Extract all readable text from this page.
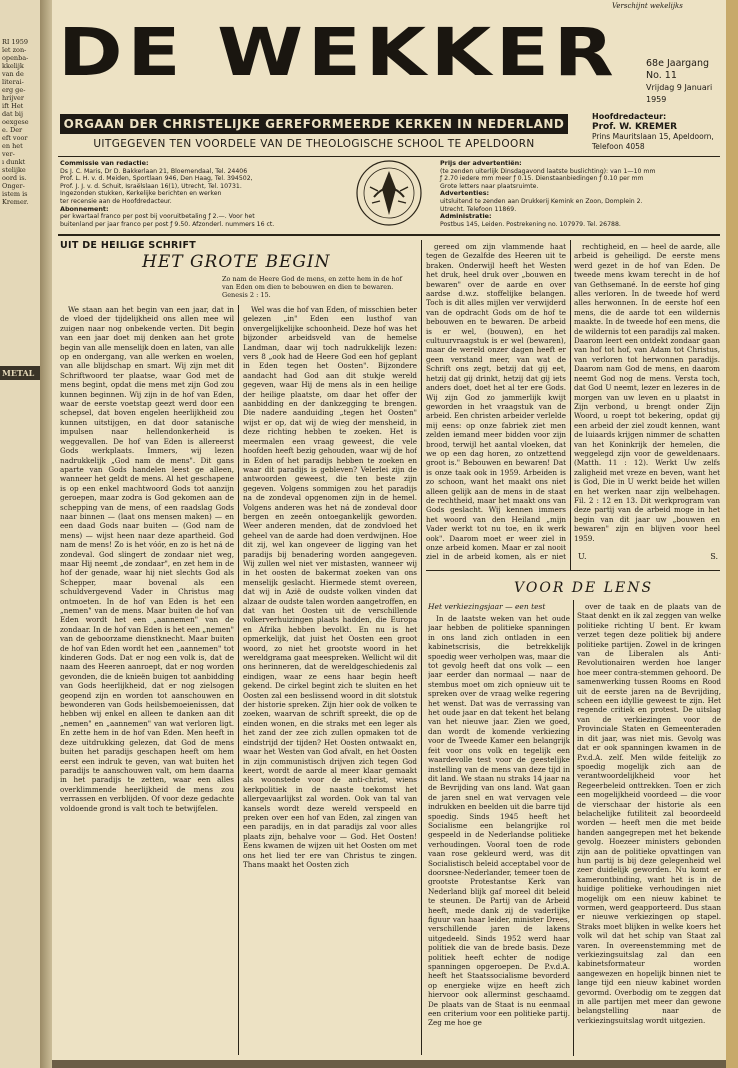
RI 1959
ïet zon-
openba-
kkelijk
van de
literai-
erg ge-
hrijver
ift Het
dat bij
oexgese
e. Der
eft voor
en het
ver-
ı dunkt
stelijke
oord is.
Onger-
istem is
Kremer.
METAL
Verschijnt wekelijks
DE WEKKER	68e Jaargang No. 11
Vrijdag 9 Januari 1959
ORGAAN DER CHRISTELIJKE GEREFORMEERDE KERKEN IN NEDERLAND
UITGEGEVEN TEN VOORDELE VAN DE THEOLOGISCHE SCHOOL TE APELDOORN
Hoofdredacteur:
Prof. W. KREMER
Prins Mauritslaan 15, Apeldoorn,
Telefoon 4058
Commissie van redactie:
Ds J. C. Maris, Dr D. Bakkerlaan 21, Bloemendaal, Tel. 24406
Prof. L. H. v. d. Meiden, Sportlaan 946, Den Haag, Tel. 394502,
Prof. J. J. v. d. Schuit, Israëlslaan 16(1), Utrecht, Tel. 10731.
Ingezonden stukken, Kerkelijke berichten en werken
ter recensie aan de Hoofdredacteur.
Abonnement:
per kwartaal franco per post bij vooruitbetaling ƒ 2.—. Voor het
buitenland per jaar franco per post ƒ 9.50. Afzonderl. nummers 16 ct.
Prijs der advertentiën:
(te zenden uiterlijk Dinsdagavond laatste buslichting): van 1—10 mm
ƒ 2.70 iedere mm meer ƒ 0.15. Dienstaanbiedingen ƒ 0.10 per mm
Grote letters naar plaatsruimte.
Advertenties:
uitsluitend te zenden aan Drukkerij Kemink en Zoon, Domplein 2.
Utrecht. Telefoon 11869.
Administratie:
Postbus 145, Leiden. Postrekening no. 107979. Tel. 26788.
UIT DE HEILIGE SCHRIFT
HET GROTE BEGIN
Zo nam de Heere God de mens, en zette hem in de hof van Eden om dien te bebouwen en dien te bewaren. Genesis 2 : 15.

We staan aan het begin van een jaar, dat in de vloed der tijdelijkheid ons allen mee wil zuigen naar nog onbekende verten. Dit begin van een jaar doet mij denken aan het grote begin van alle menselijk doen en laten, van alle op en ondergang, van alle werken en woelen, van alle blijdschap en smart. Wij zijn met dit Schriftwoord ter plaatse, waar God met de mens begint, opdat die mens met zijn God zou kunnen beginnen. Wij zijn in de hof van Eden, waar de eerste voetstap geezt werd door een schepsel, dat boven engelen heerlijkheid zou kunnen uitstijgen, en dat door satanische impulsen naar hellendonkerheid is weggevallen. De hof van Eden is allereerst Gods werkplaats. Immers, wij lezen nadrukkelijk „God nam de mens". Dit gans aparte van Gods handelen leest ge alleen, wanneer het geldt de mens. Al het geschapene is op een enkel machtwoord Gods tot aanzijn geroepen, maar zodra is God gekomen aan de schepping van de mens, of een raadslag Gods naar binnen — (laat ons mensen maken) — en een daad Gods naar buiten — (God nam de mens) — wijst heen naar deze apartheid. God nam de mens! Zo is het vóór, en zo is het ná de zondeval. God slingert de zondaar niet weg, maar Hij neemt „de zondaar", en zet hem in de hof der genade, waar hij niet slechts God als Schepper, maar bovenal als een schuldvergevend Vader in Christus mag ontmoeten. In de hof van Eden is het een „nemen" van de mens. Maar buiten de hof van Eden wordt het een „aannemen" van de zondaar. In de hof van Eden is het een „nemen" van de geboorzame dienstknecht. Maar buiten de hof van Eden wordt het een „aannemen" tot kinderen Gods. Dat er nog een volk is, dat de naam des Heeren aanroept, dat er nog worden gevonden, die de knieën buigen tot aanbidding van Gods heerlijkheid, dat er nog zielsogen geopend zijn en worden tot aanschouwen en bewonderen van Gods heilsbemoeienissen, dat hebben wij enkel en alleen te danken aan dit „nemen" en „aannemen" van wat verloren ligt. En zette hem in de hof van Eden. Men heeft in deze uitdrukking gelezen, dat God de mens buiten het paradijs geschapen heeft om hem eerst een indruk te geven, van wat buiten het paradijs te aanschouwen valt, om hem daarna in het paradijs te zetten, waar een alles overklimmende heerlijkheid de mens zou verrassen en verblijden. Of voor deze gedachte voldoende grond is valt toch te betwijfelen.

Wel was die hof van Eden, of misschien beter gelezen „in" Eden een lusthof van onvergelijkelijke schoonheid. Deze hof was het bijzonder arbeidsveld van de hemelse Landman, daar wij toch nadrukkelijk lezen: vers 8 „ook had de Heere God een hof geplant in Eden tegen het Oosten". Bijzondere aandacht had God aan dit stukje wereld gegeven, waar Hij de mens als in een heilige der heilige plaatste, om daar het offer der aanbidding en der dankzegging te brengen. Die nadere aanduiding „tegen het Oosten" wijst er op, dat wij de wieg der mensheid, in deze richting hebben te zoeken. Het is meermalen een vraag geweest, die vele hoofden heeft bezig gehouden, waar wij de hof in Eden of het paradijs hebben te zoeken en waar dit paradijs is gebleven? Velerlei zijn de antwoorden geweest, die ten beste zijn gegeven. Volgens sommigen zou het paradijs na de zondeval opgenomen zijn in de hemel. Volgens anderen was het ná de zondeval door bergen en zeeën ontoegankelijk geworden. Weer anderen menden, dat de zondvloed het geheel van de aarde had doen verdwijnen. Hoe dit zij, wel kan ongeveer de ligging van het paradijs bij benadering worden aangegeven. Wij zullen wel niet ver mistasten, wanneer wij in het oosten de bakermat zoeken van ons menselijk geslacht. Hiermede stemt overeen, dat wij in Azië de oudste volken vinden dat alzaar de oudste talen worden aangetroffen, en dat van het Oosten uit de verschillende volkerverhuizingen plaats hadden, die Europa en Afrika hebben bevolkt. En nu is het opmerkelijk, dat juist het Oosten een groot woord, zo niet het grootste woord in het wereldgrama gaat meespreken. Wellicht wil dit ons herinneren, dat de wereldgeschiedenis zal eindigen, waar ze eens haar begin heeft gekend. De cirkel begint zich te sluiten en het Oosten zal een beslissend woord in dit slotstuk der historie spreken. Zijn hier ook de volken te zoeken, waarvan de schrift spreekt, die op de einden wonen, en die straks met een leger als het zand der zee zich zullen opmaken tot de eindstrijd der tijden? Het Oosten ontwaakt en, waar het Westen van God afvalt, en het Oosten in zijn communistisch drijven zich tegen God keert, wordt de aarde al meer klaar gemaakt als woonstede voor de anti-christ, wiens kerkpolitiek in de naaste toekomst het allergevaarlijkst zal worden. Ook van tal van kansels wordt deze wereld verspeeld en preken over een hof van Eden, zal zingen van een paradijs, en in dat paradijs zal voor alles plaats zijn, behalve voor — God. Het Oosten! Eens kwamen de wijzen uit het Oosten om met ons het lied ter ere van Christus te zingen. Thans maakt het Oosten zich

gereed om zijn vlammende haat tegen de Gezalfde des Heeren uit te braken. Onderwijl heeft het Westen het druk, heel druk over „bouwen en bewaren" over de aarde en over aardse d.w.z. stoffelijke belangen. Toch is dit alles mijlen ver verwijderd van de opdracht Gods om de hof te bebouwen en te bewaren. De arbeid is er wel, (bouwen), en het cultuurvraagstuk is er wel (bewaren), maar de wereld onzer dagen heeft er geen verstand meer, van wat de Schrift ons zegt, betzij dat gij eet, hetzij dat gij drinkt, hetzij dat gij iets anders doet, doet het al ter ere Gods. Wij zijn God zo jammerlijk kwijt geworden in het vraagstuk van de arbeid. Een christen arbeider verlelde mij eens: op onze fabriek ziet men zelden iemand meer bidden voor zijn brood, terwijl het aantal vloeken, dat we op een dag horen, zo ontzettend groot is." Bebouwen en bewaren! Dat is onze taak ook in 1959. Arbeiden is zo schoon, want het maakt ons niet alleen gelijk aan de mens in de staat de rechtheid, maar het maakt ons van Gods geslacht. Wij kennen immers het woord van den Heiland „mijn Vader werkt tot nu toe, en ik werk ook". Daarom moet er weer ziel in onze arbeid komen. Maar er zal nooit ziel in de arbeid komen, als er niet

rechtigheid, en — heel de aarde, alle arbeid is geheiligd. De eerste mens werd gezet in de hof van Eden. De tweede mens kwam terecht in de hof van Gethsemané. In de eerste hof ging alles verloren. In de tweede hof werd alles herwonnen. In de eerste hof een mens, die de aarde tot een wildernis maakte. In de tweede hof een mens, die de wildernis tot een paradijs zal maken. Daarom leert een ontdekt zondaar gaan van hof tot hof, van Adam tot Christus, van verloren tot herwonnen paradijs. Daarom nam God de mens, en daarom neemt God nog de mens. Versta toch, dat God U neemt, lezer en lezeres in de morgen van uw leven en u plaatst in Zijn verbond, u brengt onder Zijn Woord, u roept tot bekering, opdat gij een arbeid der ziel zoudt kennen, want de luiaards krijgen nimmer de schatten van het Koninkrijk der hemelen, die weggelegd zijn voor de geweldenaars. (Matth. 11 : 12). Werkt Uw zelfs zaligheid met vreze en beven, want het is God, Die in U werkt beide het willen en het werken naar zijn welbehagen. Fil. 2 : 12 en 13. Dit werkprogram van deze partij van de arbeid moge in het begin van dit jaar uw „bouwen en bewaren" zijn en blijven voor heel 1959.

U.	S.
VOOR DE LENS
Het verkiezingsjaar — een test

In de laatste weken van het oude jaar hebben de politieke spanningen in ons land zich ontladen in een kabinetscrisis, die betrekkelijk spoedig weer verholpen was, maar die tot gevolg heeft dat ons volk — een jaar eerder dan normaal — naar de stembus moet om zich opnieuw uit te spreken over de vraag welke regering het wenst. Dat was de verrassing van het oude jaar en dat tekent het belang van het nieuwe jaar. Zien we goed, dan wordt de komende verkiezing voor de Tweede Kamer een belangrijk feit voor ons volk en tegelijk een waardevolle test voor de geestelijke instelling van de mens van deze tijd in dit land. We staan nu straks 14 jaar na de Bevrijding van ons land. Wat gaan de jaren snel en wat vervagen vele indrukken en beelden uit die barre tijd spoedig. Sinds 1945 heeft het Socialisme een belangrijke rol gespeeld in de Nederlandse politieke verhoudingen. Vooral toen de rode vaan rose gekleurd werd, was dit Socialistisch beleid acceptabel voor de doorsnee-Nederlander, temeer toen de grootste Protestantse Kerk van Nederland blijk gaf moreel dit beleid te steunen. De Partij van de Arbeid heeft, mede dank zij de vaderlijke figuur van haar leider, minister Drees, verschillende jaren de lakens uitgedeeld. Sinds 1952 werd haar politiek die van de brede basis. Deze politiek heeft echter de nodige spanningen opgeroepen. De P.v.d.A. heeft het Staatssocialisme bevorderd op energieke wijze en heeft zich hiervoor ook allerminst geschaamd. De plaats van de Staat is nu eenmaal een criterium voor een politieke partij. Zeg me hoe ge

over de taak en de plaats van de Staat denkt en ik zal zeggen van welke politieke richting U bent. Er kwam verzet tegen deze politiek bij andere politieke partijen. Zowel in de kringen van de Liberalen als Anti-Revolutionairen werden hoe langer hoe meer contra-stemmen gehoord. De samenwerking tussen Rooms en Rood uit de eerste jaren na de Bevrijding, scheen een idyllie geweest te zijn. Het regende critiek en protest. De uitslag van de verkiezingen voor de Provinciale Staten en Gemeenteraden in dit jaar, was niet mis. Gevolg was dat er ook spanningen kwamen in de P.v.d.A. zelf. Men wilde feitelijk zo spoedig mogelijk zich aan de verantwoordelijkheid voor het Regeerbeleid onttrekken. Toen er zich een mogelijkheid voordeed — die voor de vierschaar der historie als een belachelijke futiliteit zal beoordeeld worden — heeft men die met beide handen aangegrepen met het bekende gevolg. Hoezeer ministers gebonden zijn aan de politieke opvattingen van hun partij is bij deze gelegenheid wel zeer duidelijk geworden. Nu komt er kamerontbinding, want het is in de huidige politieke verhoudingen niet mogelijk om een nieuw kabinet te vormen, werd geapporteerd. Dus staan er nieuwe verkiezingen op stapel. Straks moet blijken in welke koers het volk wil dat het schip van Staat zal varen. In overeenstemming met de verkiezingsuitslag zal dan een kabinetsformateur worden aangewezen en hopelijk binnen niet te lange tijd een nieuw kabinet worden gevormd. Overbodig om te zeggen dat in alle partijen met meer dan gewone belangstelling naar de verkiezingsuitslag wordt uitgezien.
